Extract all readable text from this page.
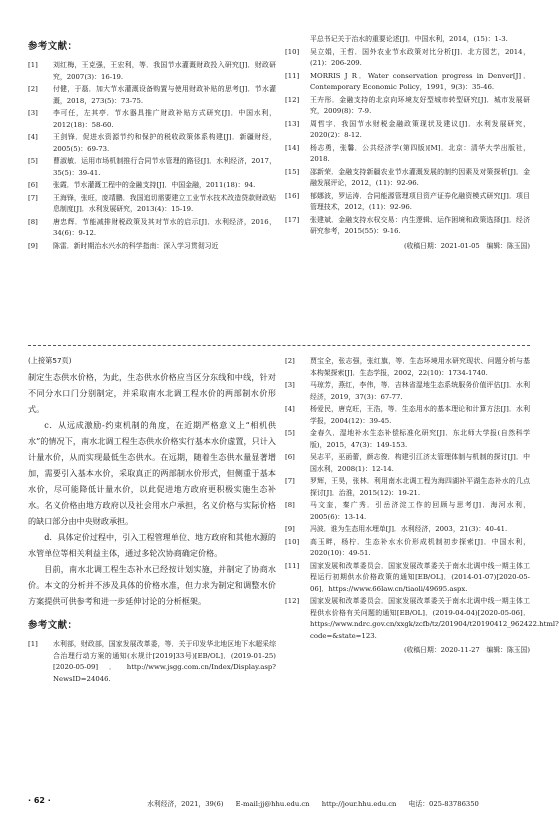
参考文献：
[1]	刘红梅，王克强，王宏利，等．我国节水灌溉财政投入研究[J]．财政研究，2007(3)：16-19.
[2]	付健，于磊．加大节水灌溉设备购置与使用财政补贴的思考[J]．节水灌溉，2018，273(5)：73-75.
[3]	李可任，左其亭．节水器具推广财政补贴方式研究[J]．中国水利，2012(18)：58-60.
[4]	王剑锋．促进水资源节约和保护的税收政策体系构建[J]．新疆财经，2005(5)：69-73.
[5]	曹淑敏．运用市场机制推行合同节水管理的路径[J]．水利经济，2017，35(5)：39-41.
[6]	张霞．节水灌溉工程中的金融支持[J]．中国金融，2011(18)：94.
[7]	王海锋，张旺，庞靖鹏．我国追切需要建立工业节水技术改造贷款财政贴息制度[J]．水利发展研究，2013(4)：15-19.
[8]	唐忠辉．节能减排财税政策及其对节水的启示[J]．水利经济，2016，34(6)：9-12.
[9]	陈雷．新时期治水兴水的科学指南：深入学习贯彻习近
平总书记关于治水的重要论述[J]．中国水利，2014，(15)：1-3.
[10]	吴立娟，王哲．国外农业节水政策对比分析[J]．北方园艺，2014，(21)：206-209.
[11]	MORRIS J R．Water conservation progress in Denver[J]．Contemporary Economic Policy，1991，9(3)：35-46.
[12]	王卉彤．金融支持的北京向环境友好型城市转型研究[J]．城市发展研究，2009(8)：7-9.
[13]	周哲宇．我国节水财税金融政策现状及建议[J]．水利发展研究，2020(2)：8-12.
[14]	杨志勇，张馨．公共经济学(第四版)[M]．北京：清华大学出版社，2018.
[15]	邵新荣．金融支持新疆农业节水灌溉发展的制约因素及对策探析[J]．金融发展评论，2012，(11)：92-96.
[16]	郁娜波，罗运涛．合同能源管理项目资产证券化融资模式研究[J]．项目管理技术，2012，(11)：92-96.
[17]	张建斌．金融支持水权交易：内生逻辑、运作困境和政策选择[J]．经济研究参考，2015(55)：9-16.
(收稿日期：2021-01-05　编辑：陈玉国)
(上接第57页)

制定生态供水价格，为此，生态供水价格应当区分东线和中线，针对不同分水口门分别制定，并采取南水北调工程水价的两部制水价形式。

c．从远成激励-约束机制的角度，在近期严格意义上“相机供水”的情况下，南水北调工程生态供水价格实行基本水价虚置，只计入计量水价，从而实现最低生态供水。在远期，随着生态供水量显著增加，需要引入基本水价，采取真正的两部制水价形式，但侧重于基本水价，尽可能降低计量水价，以此促进地方政府更积极实施生态补水。名义价格由地方政府以及社会用水户承担，名义价格与实际价格的缺口部分由中央财政承担。

d．具体定价过程中，引入工程管理单位、地方政府和其他水源的水管单位等相关利益主体，通过多轮次协商确定价格。

目前，南水北调工程生态补水已经按计划实施，并制定了协商水价。本文的分析并不涉及具体的价格水准，但力求为制定和调整水价方案提供可供参考和进一步延伸讨论的分析框架。

参考文献：
[1]	水利部，财政部，国家发展改革委，等．关于印发华北地区地下水超采综合治理行动方案的通知(水规计[2019]33号)[EB/OL]．(2019-01-25)[2020-05-09]．http://www.jsgg.com.cn/Index/Display.asp?NewsID=24046.
[2]	贾宝全，张志强，张红旗，等．生态环境用水研究现状、问题分析与基本构架探索[J]．生态学报，2002，22(10)：1734-1740.
[3]	马琼芳，燕红，李伟，等．吉林省湿地生态系统服务价值评估[J]．水利经济，2019，37(3)：67-77.
[4]	杨爱民，唐克旺，王浩，等．生态用水的基本理论和计算方法[J]．水利学报，2004(12)：39-45.
[5]	金春久．湿地补水生态补偿标准化研究[J]．东北师大学报(自然科学版)，2015，47(3)：149-153.
[6]	吴志平，巫函蕾，颜志俊．构建引江济太管理体制与机制的探讨[J]．中国水利，2008(1)：12-14.
[7]	罗辉，王昊，张林．利用南水北调工程为海四湖补平湖生态补水的几点探讨[J]．治淮，2015(12)：19-21.
[8]	马文奎，秦广秀．引岳济淀工作的回顾与思考[J]．海河水利，2005(6)：13-14.
[9]	冯波．谁为生态用水埋单[J]．水利经济，2003，21(3)：40-41.
[10]	高玉畔，杨柠．生态补水水价形成机制初步探索[J]．中国水利，2020(10)：49-51.
[11]	国家发展和改革委员会．国家发展改革委关于南水北调中线一期主体工程运行初期供水价格政策的通知[EB/OL]．(2014-01-07)[2020-05-06]．https://www.66law.cn/tiaoli/49695.aspx.
[12]	国家发展和改革委员会．国家发展改革委关于南水北调中线一期主体工程供水价格有关问题的通知[EB/OL]．(2019-04-04)[2020-05-06]．https://www.ndrc.gov.cn/xxgk/zcfb/tz/201904/t20190412_962422.html?code=&state=123.
(收稿日期：2020-11-27　编辑：陈玉国)
· 62 ·	水利经济，2021，39(6) E-mail:jj@hhu.edu.cn http://jour.hhu.edu.cn 电话：025-83786350
